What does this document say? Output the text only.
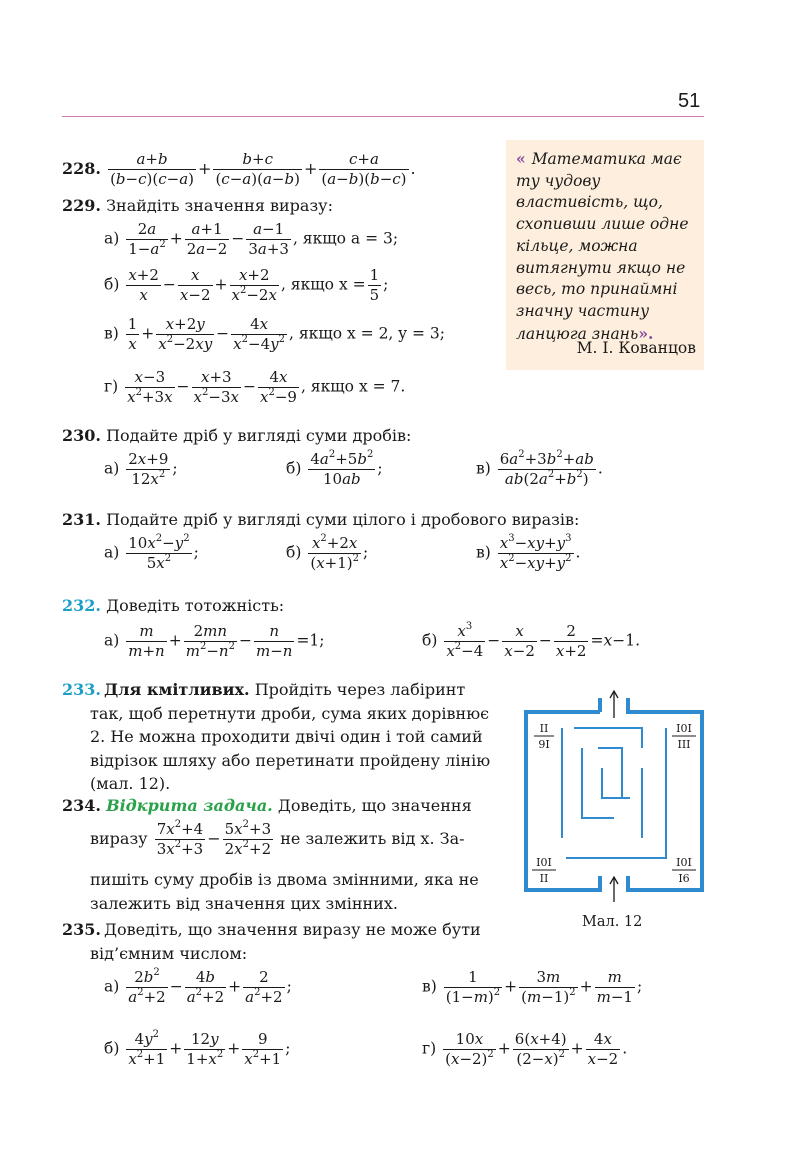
51
« Математика має ту чудову властивість, що, схопивши лише одне кільце, можна витягнути якщо не весь, то принаймні значну частину ланцюга знань».
М. І. Кованцов
228. $\frac{a+b}{(b-c)(c-a)} + \frac{b+c}{(c-a)(a-b)} + \frac{c+a}{(a-b)(b-c)}$ .
229. Знайдіть значення виразу:
$а) \frac{2a}{1-a^2} + \frac{a+1}{2a-2} - \frac{a-1}{3a+3}$ , якщо a = 3;
$б) \frac{x+2}{x} - \frac{x}{x-2} + \frac{x+2}{x^2-2x}$ , якщо $x = \frac{1}{5}$ ;
$в) \frac{1}{x} + \frac{x+2y}{x^2-2xy} - \frac{4x}{x^2-4y^2}$ , якщо x = 2, y = 3;
$г) \frac{x-3}{x^2+3x} - \frac{x+3}{x^2-3x} - \frac{4x}{x^2-9}$ , якщо x = 7.
230. Подайте дріб у вигляді суми дробів:
$а) \frac{2x+9}{12x^2}$ ;	$б) \frac{4a^2+5b^2}{10ab}$ ;	$в) \frac{6a^2+3b^2+ab}{ab(2a^2+b^2)}$ .
231. Подайте дріб у вигляді суми цілого і дробового виразів:
$а) \frac{10x^2-y^2}{5x^2}$ ;	$б) \frac{x^2+2x}{(x+1)^2}$ ;	$в) \frac{x^3-xy+y^3}{x^2-xy+y^2}$ .
232. Доведіть тотожність:
$а) \frac{m}{m+n} + \frac{2mn}{m^2-n^2} - \frac{n}{m-n} =1$;	$б) \frac{x^3}{x^2-4} - \frac{x}{x-2} - \frac{2}{x+2} =x-1$.
233. Для кмітливих. Пройдіть через лабіринт так, щоб перетнути дроби, сума яких дорівнює 2. Не можна проходити двічі один і той самий відрізок шляху або перетинати пройдену лінію (мал. 12).
234. Відкрита задача. Доведіть, що значення
виразу $\frac{7x^2+4}{3x^2+3} - \frac{5x^2+3}{2x^2+2}$ не залежить від x. За-
пишіть суму дробів із двома змінними, яка не залежить від значення цих змінних.
235. Доведіть, що значення виразу не може бути від’ємним числом:
$а) \frac{2b^2}{a^2+2} - \frac{4b}{a^2+2} + \frac{2}{a^2+2}$ ;	$в) \frac{1}{(1-m)^2} + \frac{3m}{(m-1)^2} + \frac{m}{m-1}$ ;
$б) \frac{4y^2}{x^2+1} + \frac{12y}{1+x^2} + \frac{9}{x^2+1}$ ;	$г) \frac{10x}{(x-2)^2} + \frac{6(x+4)}{(2-x)^2} + \frac{4x}{x-2}$ .
II
9I
I0I
III
I0I
II
I0I
I6
Мал. 12
